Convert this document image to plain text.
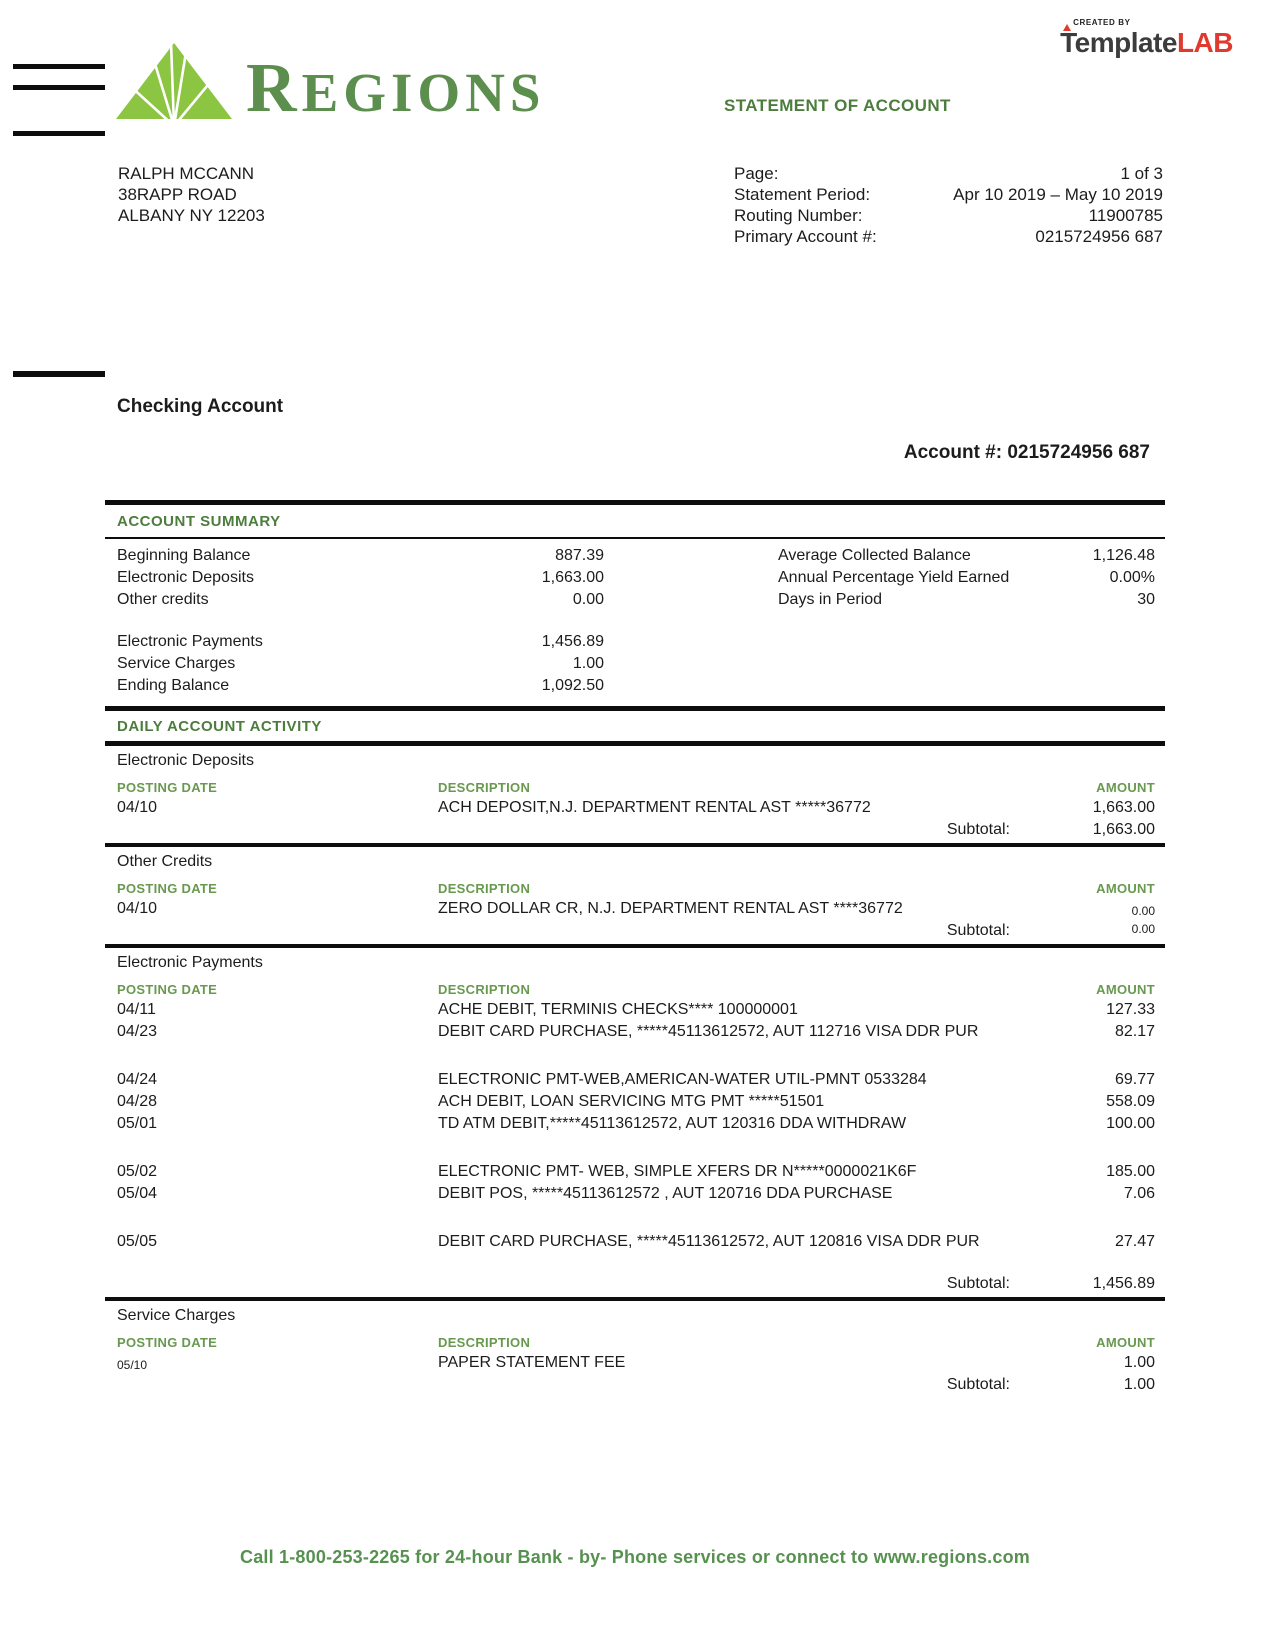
REGIONS
$^{CREATED BY}$
TemplateLAB
STATEMENT OF ACCOUNT
RALPH MCCANN
38RAPP ROAD
ALBANY NY 12203
Page:	1 of 3
Statement Period:	Apr 10 2019 – May 10 2019
Routing Number:	11900785
Primary Account #:	0215724956 687
Checking Account
Account #: 0215724956 687
ACCOUNT SUMMARY
Beginning Balance	887.39
Electronic Deposits	1,663.00
Other credits	0.00
Electronic Payments	1,456.89
Service Charges	1.00
Ending Balance	1,092.50
Average Collected Balance	1,126.48
Annual Percentage Yield Earned	0.00%
Days in Period	30
DAILY ACCOUNT ACTIVITY
Electronic Deposits
POSTING DATE	DESCRIPTION	AMOUNT
04/10	ACH DEPOSIT,N.J. DEPARTMENT RENTAL AST *****36772	1,663.00
Subtotal:	1,663.00
Other Credits
POSTING DATE	DESCRIPTION	AMOUNT
04/10	ZERO DOLLAR CR, N.J. DEPARTMENT RENTAL AST ****36772	0.00
Subtotal:	0.00
Electronic Payments
POSTING DATE	DESCRIPTION	AMOUNT
04/11	ACHE DEBIT, TERMINIS CHECKS**** 100000001	127.33
04/23	DEBIT CARD PURCHASE, *****45113612572, AUT 112716 VISA DDR PUR	82.17
04/24	ELECTRONIC PMT-WEB,AMERICAN-WATER UTIL-PMNT 0533284	69.77
04/28	ACH DEBIT, LOAN SERVICING MTG PMT *****51501	558.09
05/01	TD ATM DEBIT,*****45113612572, AUT 120316 DDA WITHDRAW	100.00
05/02	ELECTRONIC PMT- WEB, SIMPLE XFERS DR N*****0000021K6F	185.00
05/04	DEBIT POS, *****45113612572 , AUT 120716 DDA PURCHASE	7.06
05/05	DEBIT CARD PURCHASE, *****45113612572, AUT 120816 VISA DDR PUR	27.47
Subtotal:	1,456.89
Service Charges
POSTING DATE	DESCRIPTION	AMOUNT
05/10	PAPER STATEMENT FEE	1.00
Subtotal:	1.00
Call 1-800-253-2265 for 24-hour Bank - by- Phone services or connect to www.regions.com
